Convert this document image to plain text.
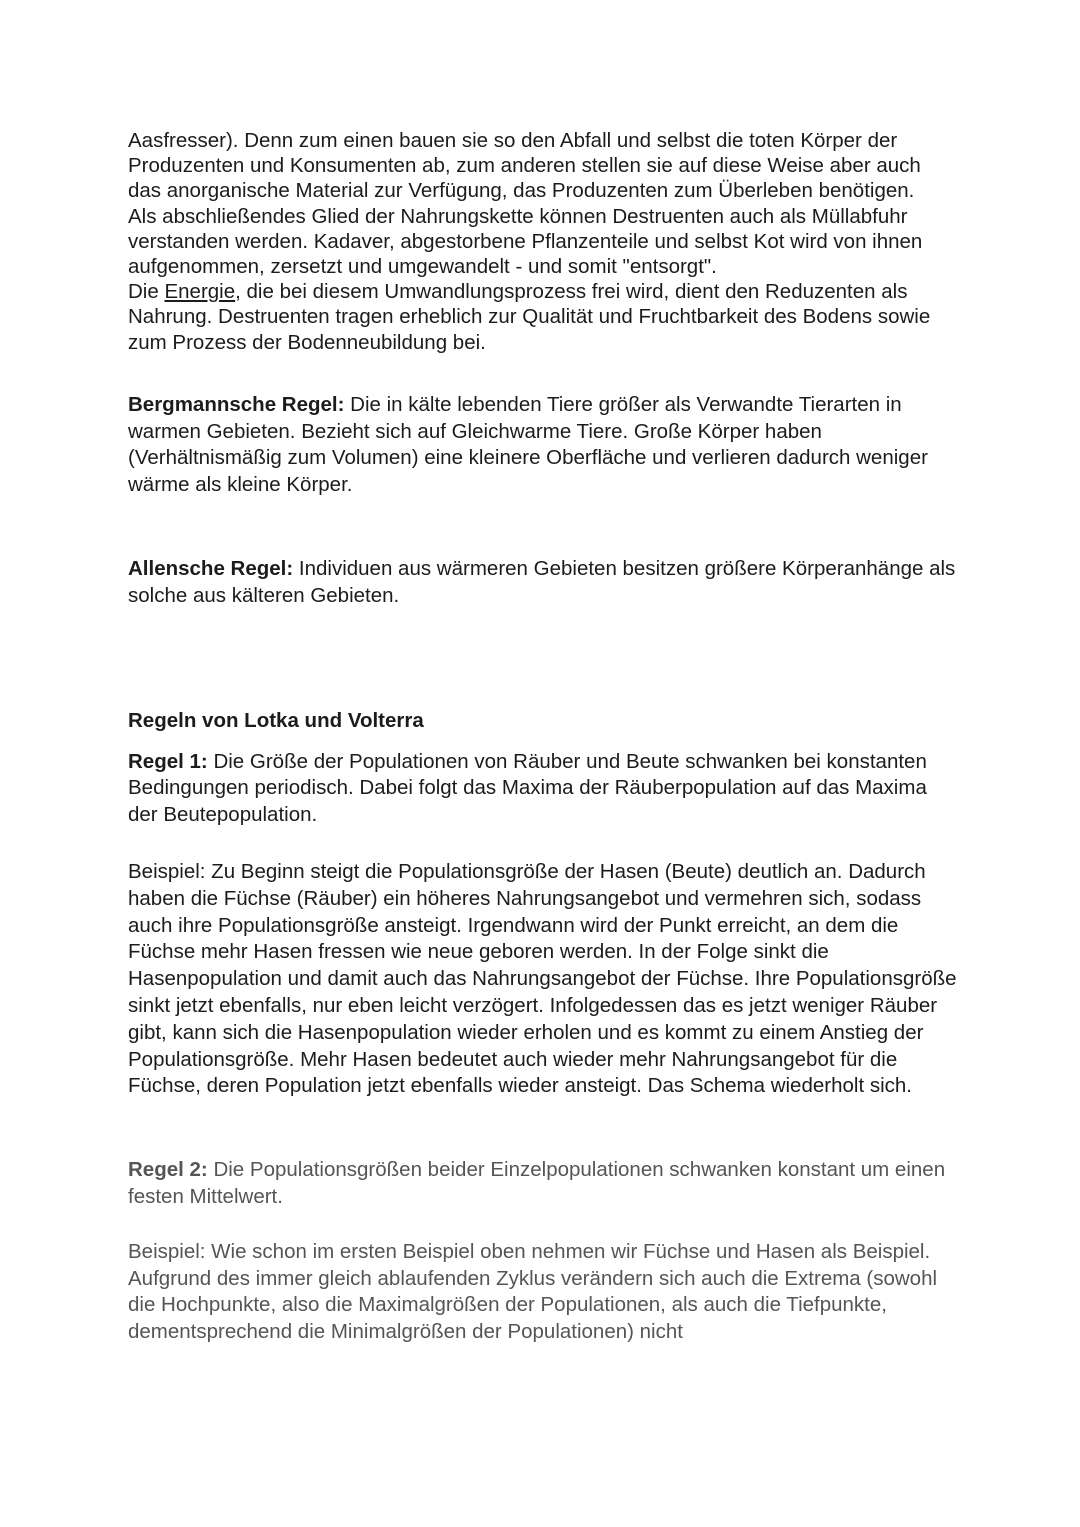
Aasfresser). Denn zum einen bauen sie so den Abfall und selbst die toten Körper der Produzenten und Konsumenten ab, zum anderen stellen sie auf diese Weise aber auch das anorganische Material zur Verfügung, das Produzenten zum Überleben benötigen.

Als abschließendes Glied der Nahrungskette können Destruenten auch als Müllabfuhr verstanden werden. Kadaver, abgestorbene Pflanzenteile und selbst Kot wird von ihnen aufgenommen, zersetzt und umgewandelt - und somit "entsorgt".

Die Energie, die bei diesem Umwandlungsprozess frei wird, dient den Reduzenten als Nahrung. Destruenten tragen erheblich zur Qualität und Fruchtbarkeit des Bodens sowie zum Prozess der Bodenneubildung bei.

Bergmannsche Regel: Die in kälte lebenden Tiere größer als Verwandte Tierarten in warmen Gebieten. Bezieht sich auf Gleichwarme Tiere. Große Körper haben (Verhältnismäßig zum Volumen) eine kleinere Oberfläche und verlieren dadurch weniger wärme als kleine Körper.

Allensche Regel: Individuen aus wärmeren Gebieten besitzen größere Körperanhänge als solche aus kälteren Gebieten.

Regeln von Lotka und Volterra

Regel 1: Die Größe der Populationen von Räuber und Beute schwanken bei konstanten Bedingungen periodisch. Dabei folgt das Maxima der Räuberpopulation auf das Maxima der Beutepopulation.

Beispiel: Zu Beginn steigt die Populationsgröße der Hasen (Beute) deutlich an. Dadurch haben die Füchse (Räuber) ein höheres Nahrungsangebot und vermehren sich, sodass auch ihre Populationsgröße ansteigt. Irgendwann wird der Punkt erreicht, an dem die Füchse mehr Hasen fressen wie neue geboren werden. In der Folge sinkt die Hasenpopulation und damit auch das Nahrungsangebot der Füchse. Ihre Populationsgröße sinkt jetzt ebenfalls, nur eben leicht verzögert. Infolgedessen das es jetzt weniger Räuber gibt, kann sich die Hasenpopulation wieder erholen und es kommt zu einem Anstieg der Populationsgröße. Mehr Hasen bedeutet auch wieder mehr Nahrungsangebot für die Füchse, deren Population jetzt ebenfalls wieder ansteigt. Das Schema wiederholt sich.

Regel 2: Die Populationsgrößen beider Einzelpopulationen schwanken konstant um einen festen Mittelwert.

Beispiel: Wie schon im ersten Beispiel oben nehmen wir Füchse und Hasen als Beispiel. Aufgrund des immer gleich ablaufenden Zyklus verändern sich auch die Extrema (sowohl die Hochpunkte, also die Maximalgrößen der Populationen, als auch die Tiefpunkte, dementsprechend die Minimalgrößen der Populationen) nicht
